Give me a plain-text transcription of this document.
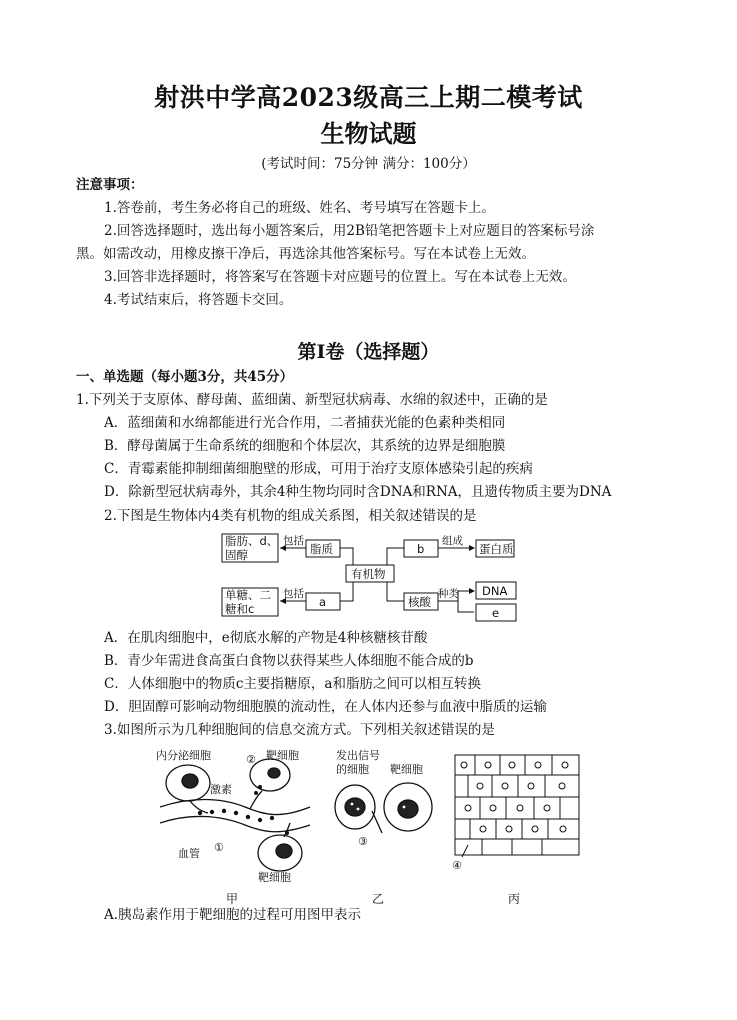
射洪中学高2023级高三上期二模考试
生物试题
(考试时间：75分钟 满分：100分）
注意事项：
1.答卷前，考生务必将自己的班级、姓名、考号填写在答题卡上。
2.回答选择题时，选出每小题答案后，用2B铅笔把答题卡上对应题目的答案标号涂
黑。如需改动，用橡皮擦干净后，再选涂其他答案标号。写在本试卷上无效。
3.回答非选择题时，将答案写在答题卡对应题号的位置上。写在本试卷上无效。
4.考试结束后，将答题卡交回。
第I卷（选择题）
一、单选题（每小题3分，共45分）
1.下列关于支原体、酵母菌、蓝细菌、新型冠状病毒、水绵的叙述中，正确的是
A．蓝细菌和水绵都能进行光合作用，二者捕获光能的色素种类相同
B．酵母菌属于生命系统的细胞和个体层次，其系统的边界是细胞膜
C．青霉素能抑制细菌细胞壁的形成，可用于治疗支原体感染引起的疾病
D．除新型冠状病毒外，其余4种生物均同时含DNA和RNA，且遗传物质主要为DNA
2.下图是生物体内4类有机物的组成关系图，相关叙述错误的是
脂肪、d、
固醇
单糖、二
糖和c
包括
包括
脂质
a
有机物
b
核酸
组成
种类
蛋白质
DNA
e
A．在肌肉细胞中，e彻底水解的产物是4种核糖核苷酸
B．青少年需进食高蛋白食物以获得某些人体细胞不能合成的b
C．人体细胞中的物质c主要指糖原，a和脂肪之间可以相互转换
D．胆固醇可影响动物细胞膜的流动性，在人体内还参与血液中脂质的运输
3.如图所示为几种细胞间的信息交流方式。下列相关叙述错误的是
内分泌细胞	② 靶细胞
激素
血管 ①
靶细胞
甲
发出信号
的细胞 靶细胞
③
乙
④
丙
A.胰岛素作用于靶细胞的过程可用图甲表示
